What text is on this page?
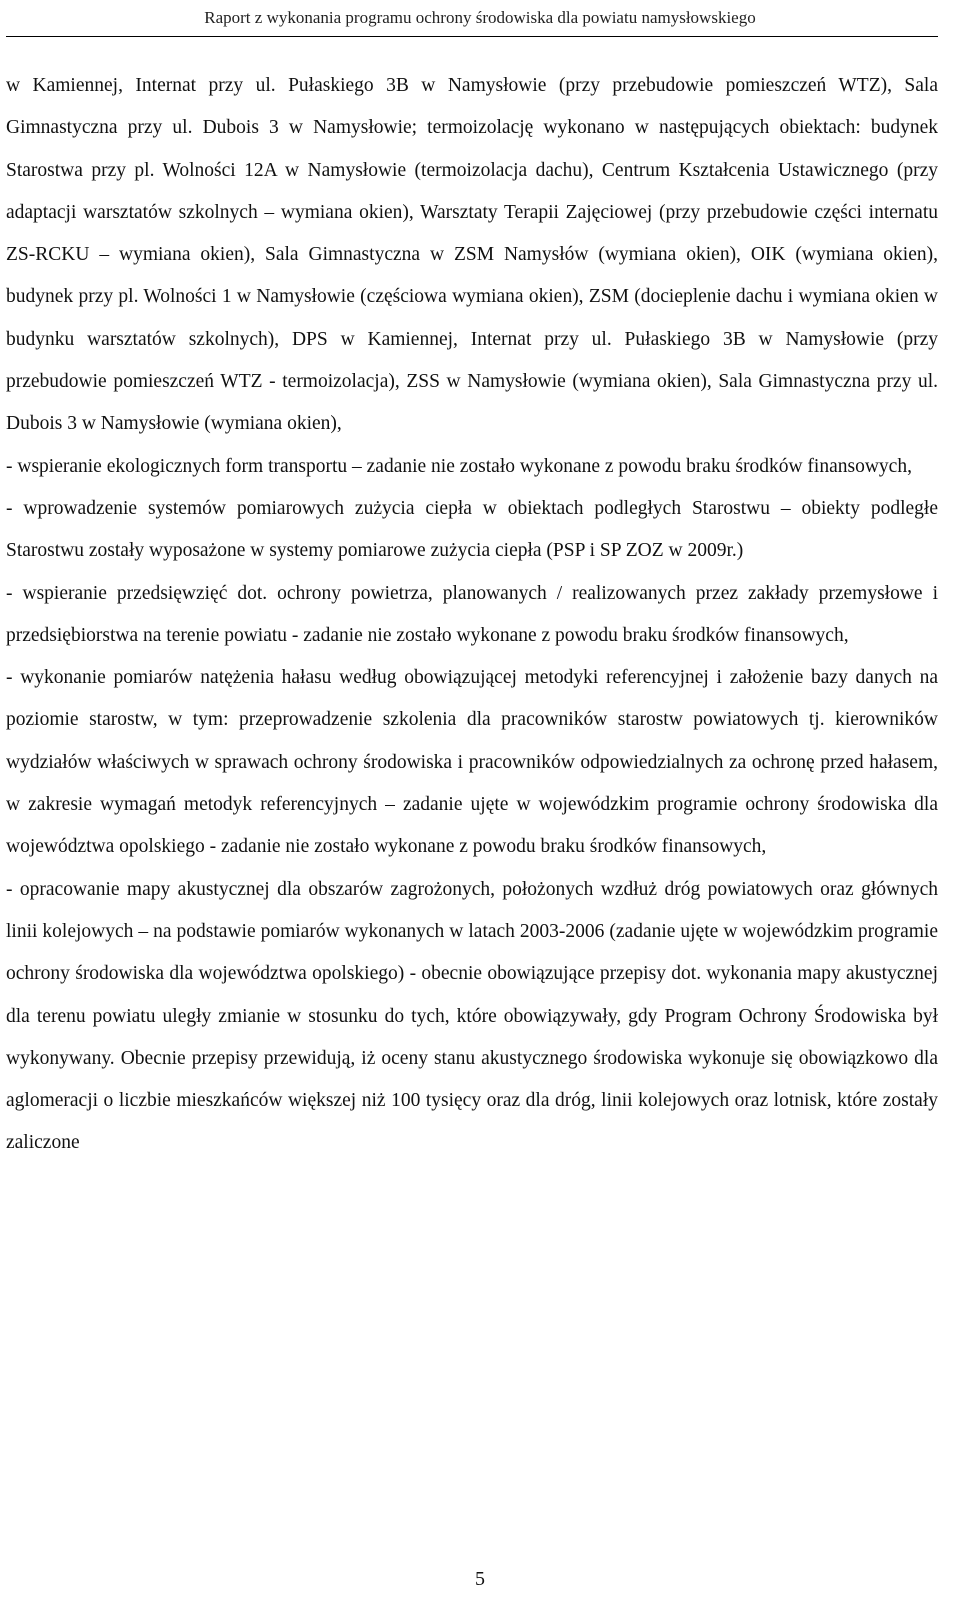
Raport z wykonania programu ochrony środowiska dla powiatu namysłowskiego

w Kamiennej, Internat przy ul. Pułaskiego 3B w Namysłowie (przy przebudowie pomieszczeń WTZ), Sala Gimnastyczna przy ul. Dubois 3 w Namysłowie; termoizolację wykonano w następujących obiektach: budynek Starostwa przy pl. Wolności 12A w Namysłowie (termoizolacja dachu), Centrum Kształcenia Ustawicznego (przy adaptacji warsztatów szkolnych – wymiana okien), Warsztaty Terapii Zajęciowej (przy przebudowie części internatu ZS-RCKU – wymiana okien), Sala Gimnastyczna w ZSM Namysłów (wymiana okien), OIK (wymiana okien), budynek przy pl. Wolności 1 w Namysłowie (częściowa wymiana okien), ZSM (docieplenie dachu i wymiana okien w budynku warsztatów szkolnych), DPS w Kamiennej, Internat przy ul. Pułaskiego 3B w Namysłowie (przy przebudowie pomieszczeń WTZ - termoizolacja), ZSS w Namysłowie (wymiana okien), Sala Gimnastyczna przy ul. Dubois 3 w Namysłowie (wymiana okien),

- wspieranie ekologicznych form transportu – zadanie nie zostało wykonane z powodu braku środków finansowych,

- wprowadzenie systemów pomiarowych zużycia ciepła w obiektach podległych Starostwu – obiekty podległe Starostwu zostały wyposażone w systemy pomiarowe zużycia ciepła (PSP i SP ZOZ w 2009r.)

- wspieranie przedsięwzięć dot. ochrony powietrza, planowanych / realizowanych przez zakłady przemysłowe i przedsiębiorstwa na terenie powiatu - zadanie nie zostało wykonane z powodu braku środków finansowych,

- wykonanie pomiarów natężenia hałasu według obowiązującej metodyki referencyjnej i założenie bazy danych na poziomie starostw, w tym: przeprowadzenie szkolenia dla pracowników starostw powiatowych tj. kierowników wydziałów właściwych w sprawach ochrony środowiska i pracowników odpowiedzialnych za ochronę przed hałasem, w zakresie wymagań metodyk referencyjnych – zadanie ujęte w wojewódzkim programie ochrony środowiska dla województwa opolskiego - zadanie nie zostało wykonane z powodu braku środków finansowych,

- opracowanie mapy akustycznej dla obszarów zagrożonych, położonych wzdłuż dróg powiatowych oraz głównych linii kolejowych – na podstawie pomiarów wykonanych w latach 2003-2006 (zadanie ujęte w wojewódzkim programie ochrony środowiska dla województwa opolskiego) - obecnie obowiązujące przepisy dot. wykonania mapy akustycznej dla terenu powiatu uległy zmianie w stosunku do tych, które obowiązywały, gdy Program Ochrony Środowiska był wykonywany. Obecnie przepisy przewidują, iż oceny stanu akustycznego środowiska wykonuje się obowiązkowo dla aglomeracji o liczbie mieszkańców większej niż 100 tysięcy oraz dla dróg, linii kolejowych oraz lotnisk, które zostały zaliczone

5
